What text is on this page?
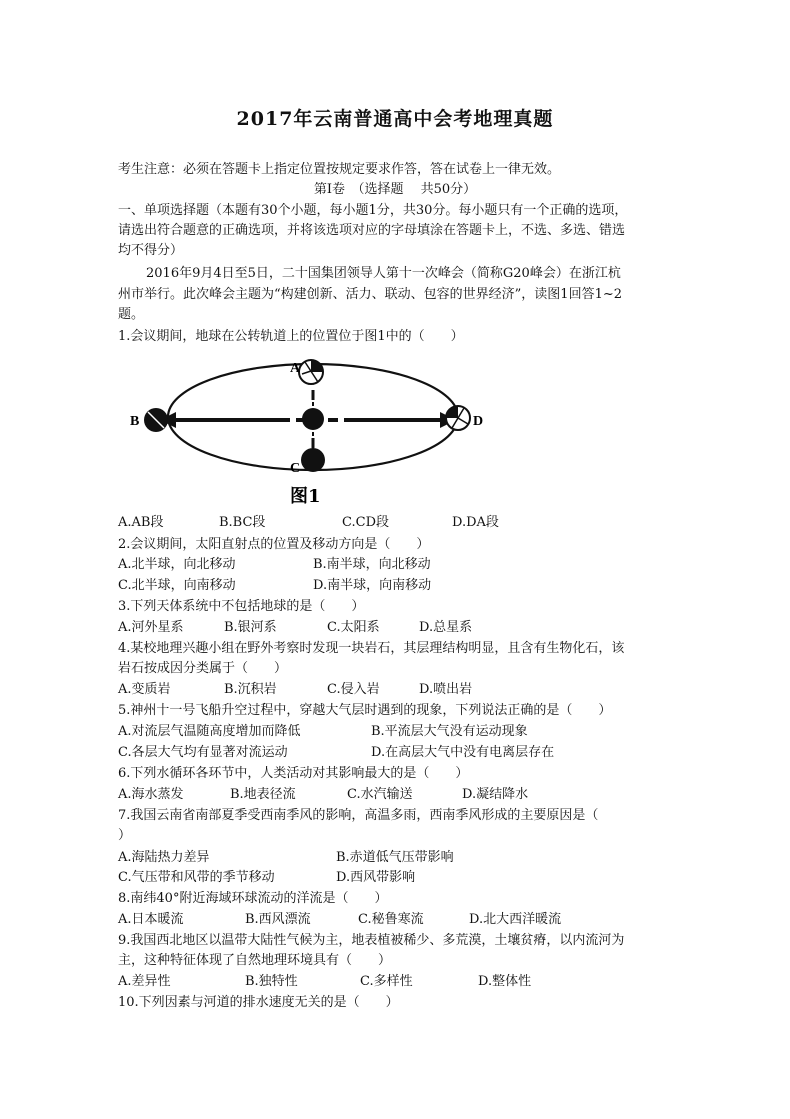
2017年云南普通高中会考地理真题
考生注意：必须在答题卡上指定位置按规定要求作答，答在试卷上一律无效。
第Ⅰ卷　（选择题　 共50分）
一、单项选择题（本题有30个小题，每小题1分，共30分。每小题只有一个正确的选项，
请选出符合题意的正确选项，并将该选项对应的字母填涂在答题卡上，不选、多选、错选
均不得分）
2016年9月4日至5日，二十国集团领导人第十一次峰会（简称G20峰会）在浙江杭
州市举行。此次峰会主题为“构建创新、活力、联动、包容的世界经济”，读图1回答1~2
题。
1.会议期间，地球在公转轨道上的位置位于图1中的（　　）
A
B
C
D
图1
A.AB段	B.BC段	C.CD段	D.DA段
2.会议期间，太阳直射点的位置及移动方向是（　　）
A.北半球，向北移动	B.南半球，向北移动
C.北半球，向南移动	D.南半球，向南移动
3.下列天体系统中不包括地球的是（　　）
A.河外星系	B.银河系	C.太阳系	D.总星系
4.某校地理兴趣小组在野外考察时发现一块岩石，其层理结构明显，且含有生物化石，该
岩石按成因分类属于（　　）
A.变质岩	B.沉积岩	C.侵入岩	D.喷出岩
5.神州十一号飞船升空过程中，穿越大气层时遇到的现象，下列说法正确的是（　　）
A.对流层气温随高度增加而降低	B.平流层大气没有运动现象
C.各层大气均有显著对流运动	D.在高层大气中没有电离层存在
6.下列水循环各环节中，人类活动对其影响最大的是（　　）
A.海水蒸发	B.地表径流	C.水汽输送	D.凝结降水
7.我国云南省南部夏季受西南季风的影响，高温多雨，西南季风形成的主要原因是（
）
A.海陆热力差异	B.赤道低气压带影响
C.气压带和风带的季节移动	D.西风带影响
8.南纬40°附近海域环球流动的洋流是（　　）
A.日本暖流	B.西风漂流	C.秘鲁寒流	D.北大西洋暖流
9.我国西北地区以温带大陆性气候为主，地表植被稀少、多荒漠，土壤贫瘠，以内流河为
主，这种特征体现了自然地理环境具有（　　）
A.差异性	B.独特性	C.多样性	D.整体性
10.下列因素与河道的排水速度无关的是（　　）
